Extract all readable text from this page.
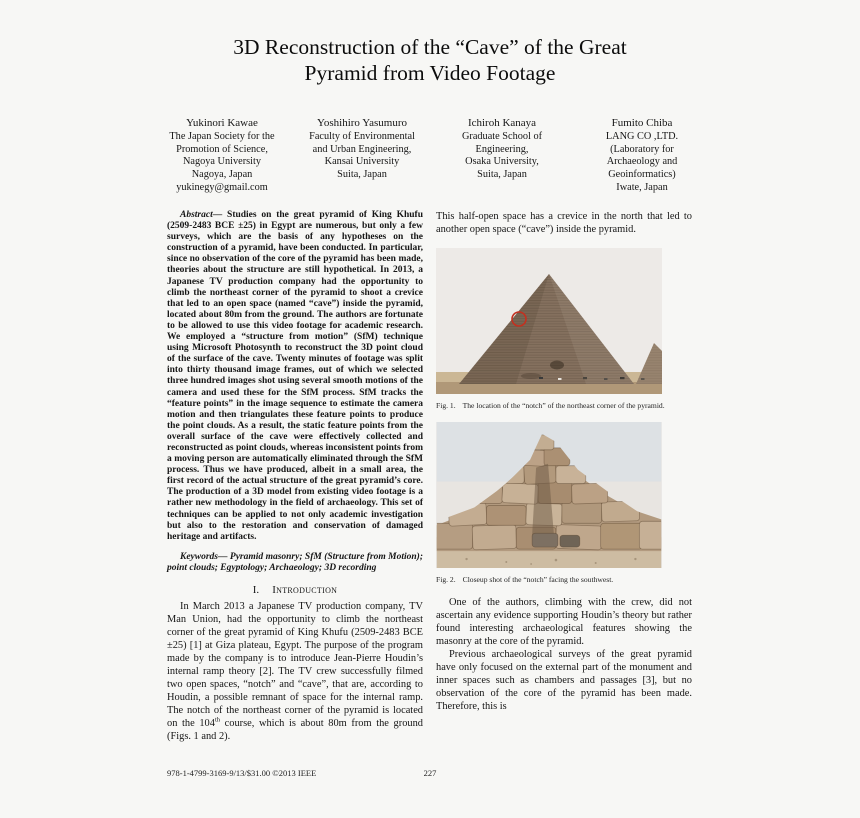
3D Reconstruction of the “Cave” of the Great
Pyramid from Video Footage
Yukinori Kawae
The Japan Society for the
Promotion of Science,
Nagoya University
Nagoya, Japan
yukinegy@gmail.com
Yoshihiro Yasumuro
Faculty of Environmental
and Urban Engineering,
Kansai University
Suita, Japan
Ichiroh Kanaya
Graduate School of
Engineering,
Osaka University,
Suita, Japan
Fumito Chiba
LANG CO ,LTD.
(Laboratory for
Archaeology and
Geoinformatics)
Iwate, Japan

Abstract— Studies on the great pyramid of King Khufu (2509-2483 BCE ±25) in Egypt are numerous, but only a few surveys, which are the basis of any hypotheses on the construction of a pyramid, have been conducted. In particular, since no observation of the core of the pyramid has been made, theories about the structure are still hypothetical. In 2013, a Japanese TV production company had the opportunity to climb the northeast corner of the pyramid to shoot a crevice that led to an open space (named “cave”) inside the pyramid, located about 80m from the ground. The authors are fortunate to be allowed to use this video footage for academic research. We employed a “structure from motion” (SfM) technique using Microsoft Photosynth to reconstruct the 3D point cloud of the surface of the cave. Twenty minutes of footage was split into thirty thousand image frames, out of which we selected three hundred images shot using several smooth motions of the camera and used these for the SfM process. SfM tracks the “feature points” in the image sequence to estimate the camera motion and then triangulates these feature points to produce the point clouds. As a result, the static feature points from the overall surface of the cave were effectively collected and reconstructed as point clouds, whereas inconsistent points from a moving person are automatically eliminated through the SfM process. Thus we have produced, albeit in a small area, the first record of the actual structure of the great pyramid’s core. The production of a 3D model from existing video footage is a rather new methodology in the field of archaeology. This set of techniques can be applied to not only academic investigation but also to the restoration and conservation of damaged heritage and artifacts.

Keywords— Pyramid masonry; SfM (Structure from Motion); point clouds; Egyptology; Archaeology; 3D recording

I. Introduction

In March 2013 a Japanese TV production company, TV Man Union, had the opportunity to climb the northeast corner of the great pyramid of King Khufu (2509-2483 BCE ±25) [1] at Giza plateau, Egypt. The purpose of the program made by the company is to introduce Jean-Pierre Houdin’s internal ramp theory [2]. The TV crew successfully filmed two open spaces, “notch” and “cave”, that are, according to Houdin, a possible remnant of space for the internal ramp. The notch of the northeast corner of the pyramid is located on the 104th course, which is about 80m from the ground (Figs. 1 and 2).

This half-open space has a crevice in the north that led to another open space (“cave”) inside the pyramid.

Fig. 1. The location of the “notch” of the northeast corner of the pyramid.
Fig. 2. Closeup shot of the “notch” facing the southwest.

One of the authors, climbing with the crew, did not ascertain any evidence supporting Houdin’s theory but rather found interesting archaeological features showing the masonry at the core of the pyramid.

Previous archaeological surveys of the great pyramid have only focused on the external part of the monument and inner spaces such as chambers and passages [3], but no observation of the core of the pyramid has been made. Therefore, this is

978-1-4799-3169-9/13/$31.00 ©2013 IEEE	227
